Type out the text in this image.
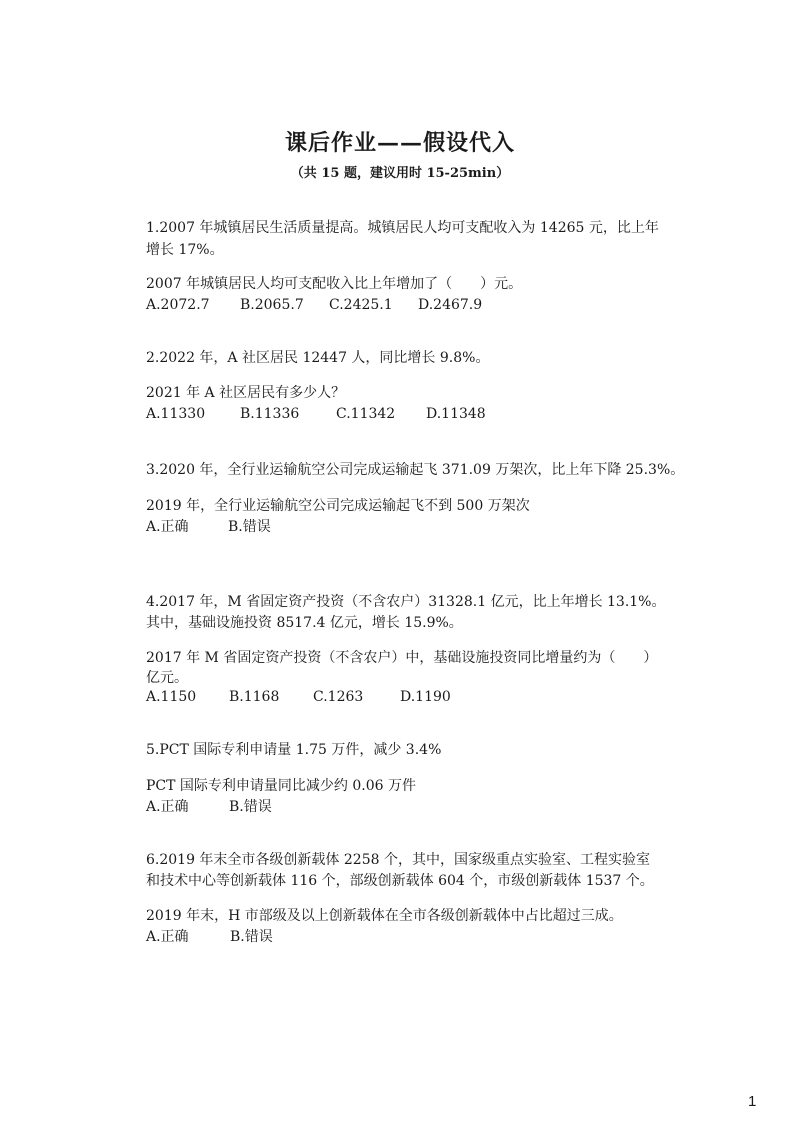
课后作业——假设代入
（共 15 题，建议用时 15-25min）
1.2007 年城镇居民生活质量提高。城镇居民人均可支配收入为 14265 元，比上年
增长 17%。
2007 年城镇居民人均可支配收入比上年增加了（　　）元。
A.2072.7 B.2065.7 C.2425.1 D.2467.9
2.2022 年，A 社区居民 12447 人，同比增长 9.8%。
2021 年 A 社区居民有多少人？
A.11330 B.11336	C.11342 D.11348
3.2020 年，全行业运输航空公司完成运输起飞 371.09 万架次，比上年下降 25.3%。
2019 年，全行业运输航空公司完成运输起飞不到 500 万架次
A.正确	B.错误
4.2017 年，M 省固定资产投资（不含农户）31328.1 亿元，比上年增长 13.1%。
其中，基础设施投资 8517.4 亿元，增长 15.9%。
2017 年 M 省固定资产投资（不含农户）中，基础设施投资同比增量约为（　　）
亿元。
A.1150 B.1168 C.1263	D.1190
5.PCT 国际专利申请量 1.75 万件，减少 3.4%
PCT 国际专利申请量同比减少约 0.06 万件
A.正确	B.错误
6.2019 年末全市各级创新载体 2258 个，其中，国家级重点实验室、工程实验室
和技术中心等创新载体 116 个，部级创新载体 604 个，市级创新载体 1537 个。
2019 年末，H 市部级及以上创新载体在全市各级创新载体中占比超过三成。
A.正确	B.错误
1
